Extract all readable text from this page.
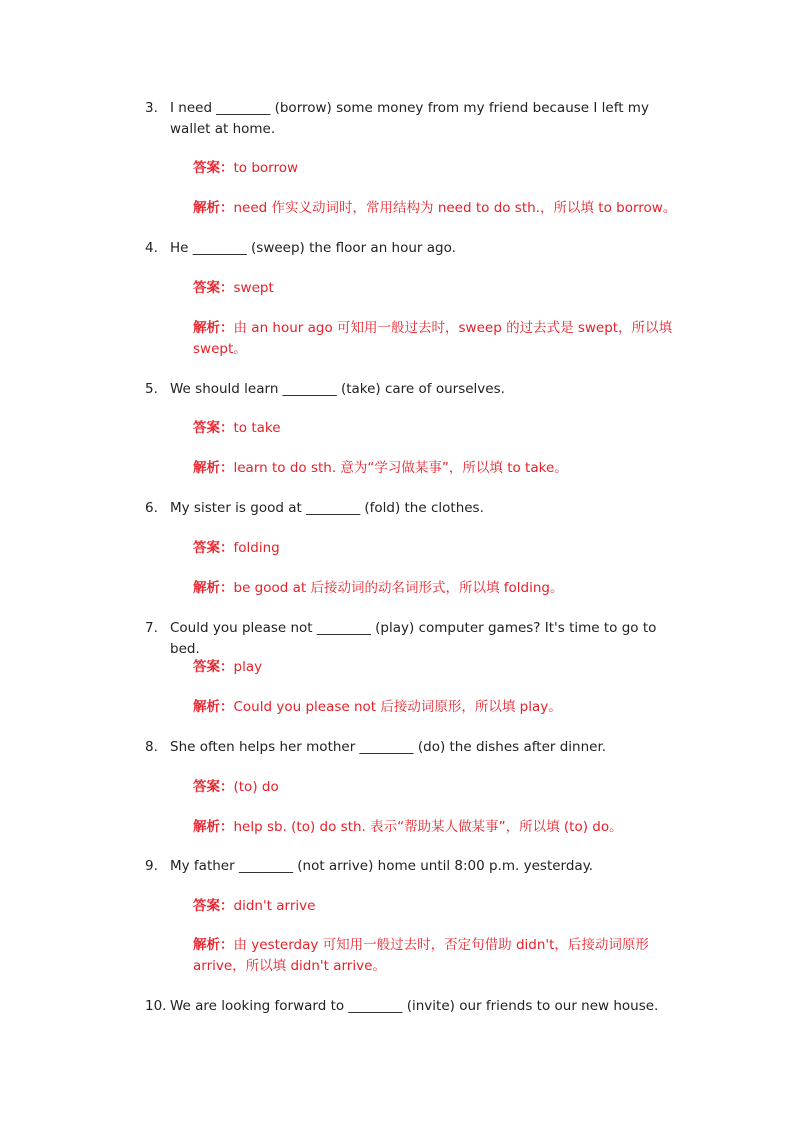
3. I need ________ (borrow) some money from my friend because I left my wallet at home.
答案：to borrow
解析：need 作实义动词时，常用结构为 need to do sth.，所以填 to borrow。
4. He ________ (sweep) the floor an hour ago.
答案：swept
解析：由 an hour ago 可知用一般过去时，sweep 的过去式是 swept，所以填 swept。
5. We should learn ________ (take) care of ourselves.
答案：to take
解析：learn to do sth. 意为“学习做某事”，所以填 to take。
6. My sister is good at ________ (fold) the clothes.
答案：folding
解析：be good at 后接动词的动名词形式，所以填 folding。
7. Could you please not ________ (play) computer games? It's time to go to bed.
答案：play
解析：Could you please not 后接动词原形，所以填 play。
8. She often helps her mother ________ (do) the dishes after dinner.
答案：(to) do
解析：help sb. (to) do sth. 表示“帮助某人做某事”，所以填 (to) do。
9. My father ________ (not arrive) home until 8:00 p.m. yesterday.
答案：didn't arrive
解析：由 yesterday 可知用一般过去时，否定句借助 didn't，后接动词原形 arrive，所以填 didn't arrive。
10. We are looking forward to ________ (invite) our friends to our new house.
